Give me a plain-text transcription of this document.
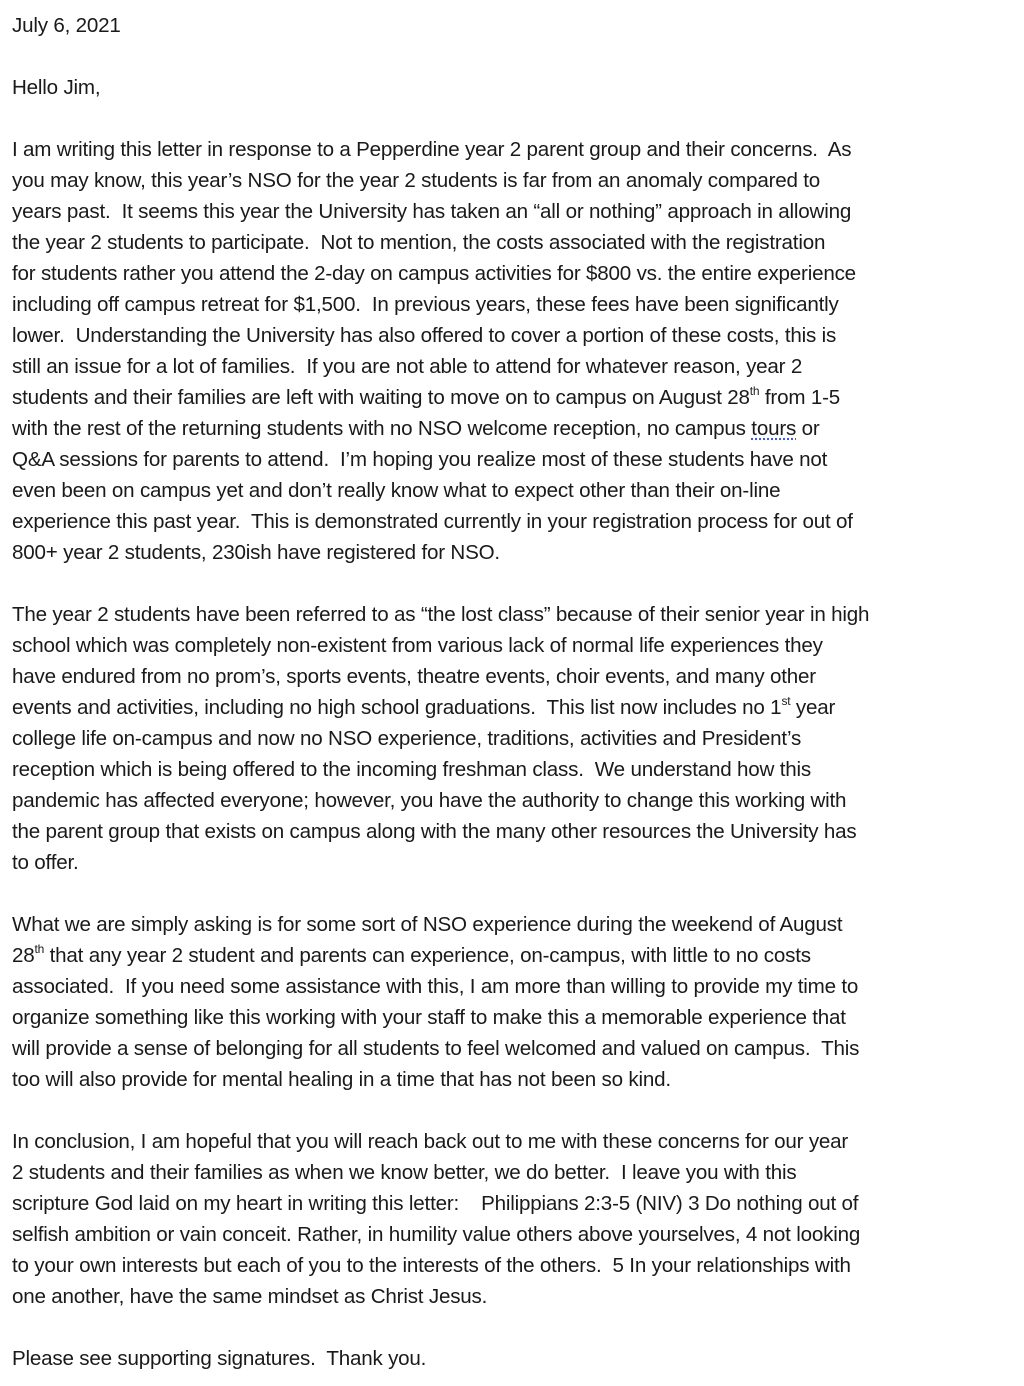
July 6, 2021
Hello Jim,
I am writing this letter in response to a Pepperdine year 2 parent group and their concerns.  As
you may know, this year’s NSO for the year 2 students is far from an anomaly compared to
years past.  It seems this year the University has taken an “all or nothing” approach in allowing
the year 2 students to participate.  Not to mention, the costs associated with the registration
for students rather you attend the 2-day on campus activities for $800 vs. the entire experience
including off campus retreat for $1,500.  In previous years, these fees have been significantly
lower.  Understanding the University has also offered to cover a portion of these costs, this is
still an issue for a lot of families.  If you are not able to attend for whatever reason, year 2
students and their families are left with waiting to move on to campus on August 28th from 1-5
with the rest of the returning students with no NSO welcome reception, no campus tours or
Q&A sessions for parents to attend.  I’m hoping you realize most of these students have not
even been on campus yet and don’t really know what to expect other than their on-line
experience this past year.  This is demonstrated currently in your registration process for out of
800+ year 2 students, 230ish have registered for NSO.
The year 2 students have been referred to as “the lost class” because of their senior year in high
school which was completely non-existent from various lack of normal life experiences they
have endured from no prom’s, sports events, theatre events, choir events, and many other
events and activities, including no high school graduations.  This list now includes no 1st year
college life on-campus and now no NSO experience, traditions, activities and President’s
reception which is being offered to the incoming freshman class.  We understand how this
pandemic has affected everyone; however, you have the authority to change this working with
the parent group that exists on campus along with the many other resources the University has
to offer.
What we are simply asking is for some sort of NSO experience during the weekend of August
28th that any year 2 student and parents can experience, on-campus, with little to no costs
associated.  If you need some assistance with this, I am more than willing to provide my time to
organize something like this working with your staff to make this a memorable experience that
will provide a sense of belonging for all students to feel welcomed and valued on campus.  This
too will also provide for mental healing in a time that has not been so kind.
In conclusion, I am hopeful that you will reach back out to me with these concerns for our year
2 students and their families as when we know better, we do better.  I leave you with this
scripture God laid on my heart in writing this letter:    Philippians 2:3-5 (NIV) 3 Do nothing out of
selfish ambition or vain conceit. Rather, in humility value others above yourselves, 4 not looking
to your own interests but each of you to the interests of the others.  5 In your relationships with
one another, have the same mindset as Christ Jesus.
Please see supporting signatures.  Thank you.
